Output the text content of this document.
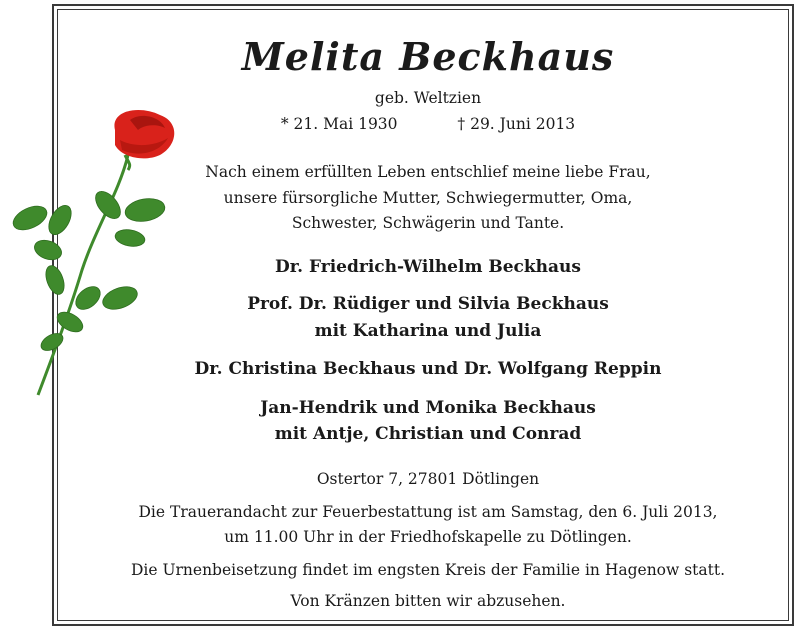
Melita Beckhaus
geb. Weltzien
* 21. Mai 1930	† 29. Juni 2013
Nach einem erfüllten Leben entschlief meine liebe Frau,
unsere fürsorgliche Mutter, Schwiegermutter, Oma,
Schwester, Schwägerin und Tante.
Dr. Friedrich-Wilhelm Beckhaus
Prof. Dr. Rüdiger und Silvia Beckhaus
mit Katharina und Julia
Dr. Christina Beckhaus und Dr. Wolfgang Reppin
Jan-Hendrik und Monika Beckhaus
mit Antje, Christian und Conrad
Ostertor 7, 27801 Dötlingen
Die Trauerandacht zur Feuerbestattung ist am Samstag, den 6. Juli 2013,
um 11.00 Uhr in der Friedhofskapelle zu Dötlingen.
Die Urnenbeisetzung findet im engsten Kreis der Familie in Hagenow statt.
Von Kränzen bitten wir abzusehen.
